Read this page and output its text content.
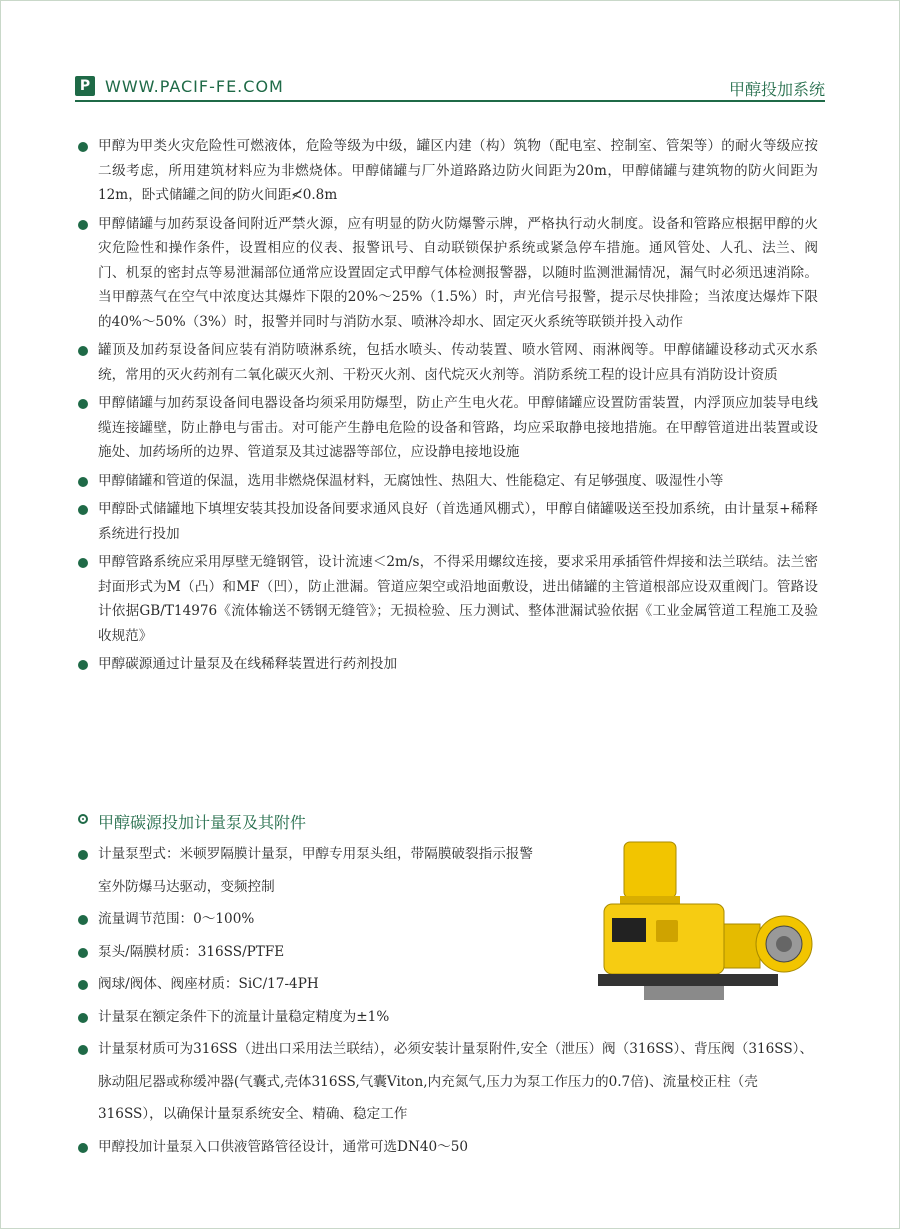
P WWW.PACIF-FE.COM	甲醇投加系统
甲醇为甲类火灾危险性可燃液体，危险等级为中级，罐区内建（构）筑物（配电室、控制室、管架等）的耐火等级应按二级考虑，所用建筑材料应为非燃烧体。甲醇储罐与厂外道路路边防火间距为20m，甲醇储罐与建筑物的防火间距为12m，卧式储罐之间的防火间距≮0.8m
甲醇储罐与加药泵设备间附近严禁火源，应有明显的防火防爆警示牌，严格执行动火制度。设备和管路应根据甲醇的火灾危险性和操作条件，设置相应的仪表、报警讯号、自动联锁保护系统或紧急停车措施。通风管处、人孔、法兰、阀门、机泵的密封点等易泄漏部位通常应设置固定式甲醇气体检测报警器，以随时监测泄漏情况，漏气时必须迅速消除。当甲醇蒸气在空气中浓度达其爆炸下限的20%～25%（1.5%）时，声光信号报警，提示尽快排险；当浓度达爆炸下限的40%～50%（3%）时，报警并同时与消防水泵、喷淋冷却水、固定灭火系统等联锁并投入动作
罐顶及加药泵设备间应装有消防喷淋系统，包括水喷头、传动装置、喷水管网、雨淋阀等。甲醇储罐设移动式灭水系统，常用的灭火药剂有二氧化碳灭火剂、干粉灭火剂、卤代烷灭火剂等。消防系统工程的设计应具有消防设计资质
甲醇储罐与加药泵设备间电器设备均须采用防爆型，防止产生电火花。甲醇储罐应设置防雷装置，内浮顶应加装导电线缆连接罐壁，防止静电与雷击。对可能产生静电危险的设备和管路，均应采取静电接地措施。在甲醇管道进出装置或设施处、加药场所的边界、管道泵及其过滤器等部位，应设静电接地设施
甲醇储罐和管道的保温，选用非燃烧保温材料，无腐蚀性、热阻大、性能稳定、有足够强度、吸湿性小等
甲醇卧式储罐地下填埋安装其投加设备间要求通风良好（首选通风棚式），甲醇自储罐吸送至投加系统，由计量泵+稀释系统进行投加
甲醇管路系统应采用厚壁无缝钢管，设计流速＜2m/s，不得采用螺纹连接，要求采用承插管件焊接和法兰联结。法兰密封面形式为M（凸）和MF（凹），防止泄漏。管道应架空或沿地面敷设，进出储罐的主管道根部应设双重阀门。管路设计依据GB/T14976《流体输送不锈钢无缝管》；无损检验、压力测试、整体泄漏试验依据《工业金属管道工程施工及验收规范》
甲醇碳源通过计量泵及在线稀释装置进行药剂投加
甲醇碳源投加计量泵及其附件
计量泵型式：米顿罗隔膜计量泵，甲醇专用泵头组，带隔膜破裂指示报警
室外防爆马达驱动，变频控制
流量调节范围：0～100%
泵头/隔膜材质：316SS/PTFE
阀球/阀体、阀座材质：SiC/17-4PH
计量泵在额定条件下的流量计量稳定精度为±1%
计量泵材质可为316SS（进出口采用法兰联结），必须安装计量泵附件,安全（泄压）阀（316SS）、背压阀（316SS）、脉动阻尼器或称缓冲器(气囊式,壳体316SS,气囊Viton,内充氮气,压力为泵工作压力的0.7倍)、流量校正柱（壳 316SS），以确保计量泵系统安全、精确、稳定工作
甲醇投加计量泵入口供液管路管径设计，通常可选DN40～50
